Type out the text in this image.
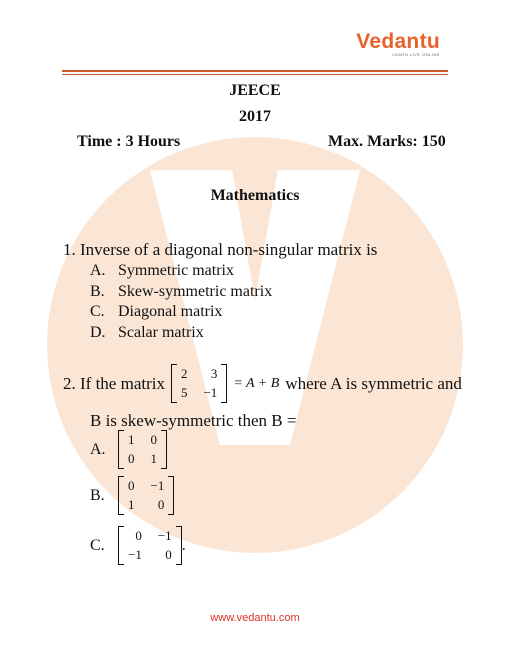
Vedantu
LEARN LIVE ONLINE
JEECE
2017
Time : 3 Hours	Max. Marks: 150
Mathematics
1. Inverse of a diagonal non-singular matrix is
A. Symmetric matrix
B. Skew-symmetric matrix
C. Diagonal matrix
D. Scalar matrix
2. If the matrix 2	3
5 −1
= A + B where A is symmetric and
B is skew-symmetric then B =
A.
1 0
0 1
B.
0 −1
1	0
C.
0 −1
−1	0
.
www.vedantu.com
